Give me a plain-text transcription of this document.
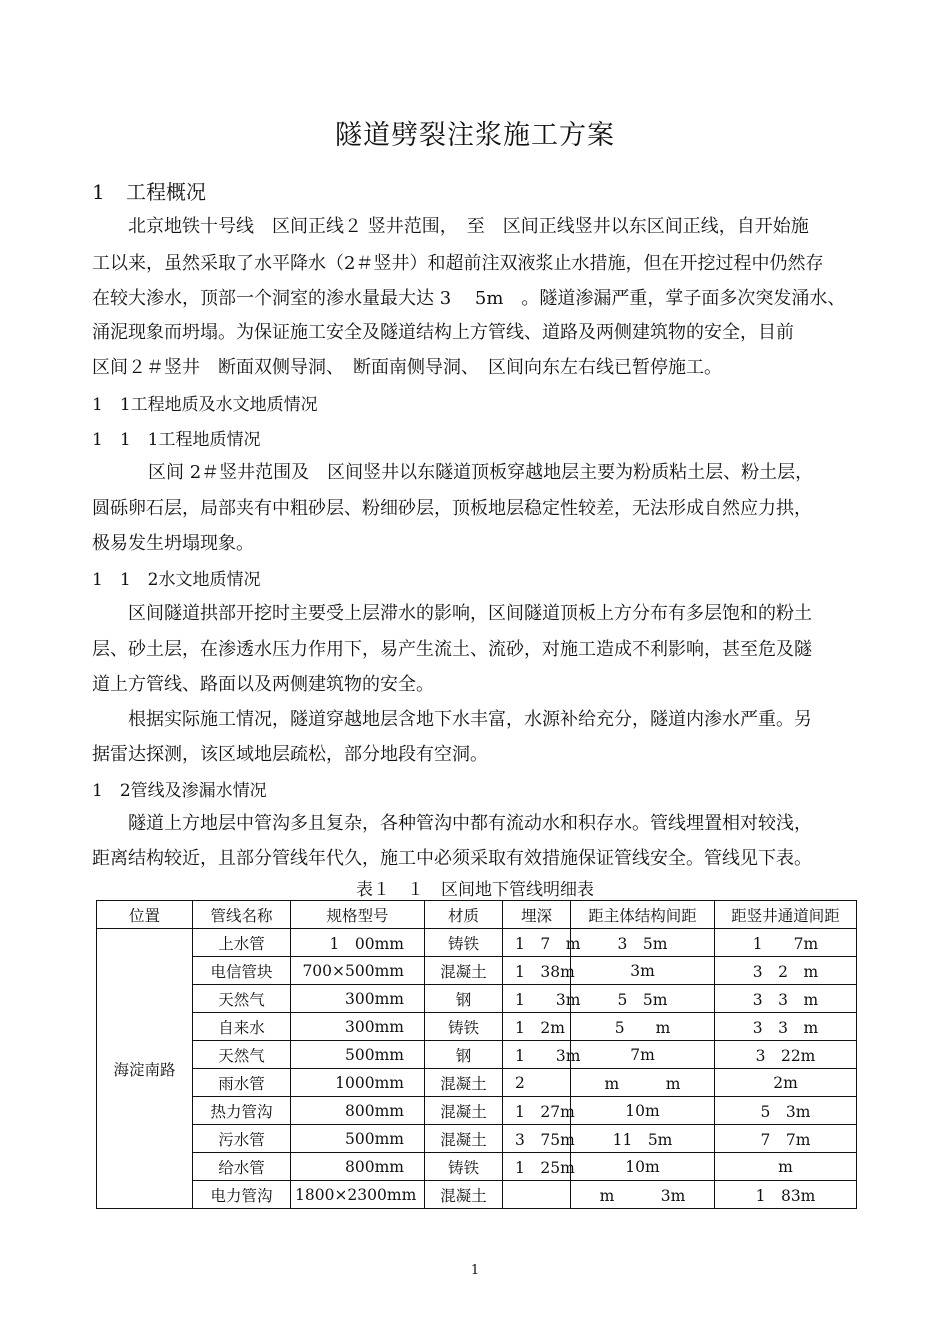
隧道劈裂注浆施工方案
1 工程概况
北京地铁十号线　区间正线２ 竖井范围，　至　区间正线竖井以东区间正线，自开始施
工以来，虽然采取了水平降水（2＃竖井）和超前注双液浆止水措施，但在开挖过程中仍然存
在较大渗水，顶部一个洞室的渗水量最大达 3　 5m　。隧道渗漏严重，掌子面多次突发涌水、
涌泥现象而坍塌。为保证施工安全及隧道结构上方管线、道路及两侧建筑物的安全，目前
区间２＃竖井　断面双侧导洞、　断面南侧导洞、　区间向东左右线已暂停施工。
1　1工程地质及水文地质情况
1　1　1工程地质情况
区间 2＃竖井范围及　区间竖井以东隧道顶板穿越地层主要为粉质粘土层、粉土层，
圆砾卵石层，局部夹有中粗砂层、粉细砂层，顶板地层稳定性较差，无法形成自然应力拱，
极易发生坍塌现象。
1　1　2水文地质情况
区间隧道拱部开挖时主要受上层滞水的影响，区间隧道顶板上方分布有多层饱和的粉土
层、砂土层，在渗透水压力作用下，易产生流土、流砂，对施工造成不利影响，甚至危及隧
道上方管线、路面以及两侧建筑物的安全。
根据实际施工情况，隧道穿越地层含地下水丰富，水源补给充分，隧道内渗水严重。另
据雷达探测，该区域地层疏松，部分地段有空洞。
1　2管线及渗漏水情况
隧道上方地层中管沟多且复杂，各种管沟中都有流动水和积存水。管线埋置相对较浅，
距离结构较近，且部分管线年代久，施工中必须采取有效措施保证管线安全。管线见下表。
表１　１　区间地下管线明细表
位置	管线名称	规格型号	材质	埋深	距主体结构间距	距竖井通道间距
海淀南路	上水管	1　00mm	铸铁	1　7　m	3　5m	1　　7m
	电信管块	700×500mm	混凝土	1　38m	3m	3　2　m
	天然气	300mm	钢	1　　3m	5　5m	3　3　m
	自来水	300mm	铸铁	1　2m	5　　m	3　3　m
	天然气	500mm	钢	1　　3m	7m	3　22m
	雨水管	1000mm	混凝土	2	m　　　m	2m
	热力管沟	800mm	混凝土	1　27m	10m	5　3m
	污水管	500mm	混凝土	3　75m	11　5m	7　7m
	给水管	800mm	铸铁	1　25m	10m	m
	电力管沟	1800×2300mm	混凝土		m　　　3m	1　83m
1
